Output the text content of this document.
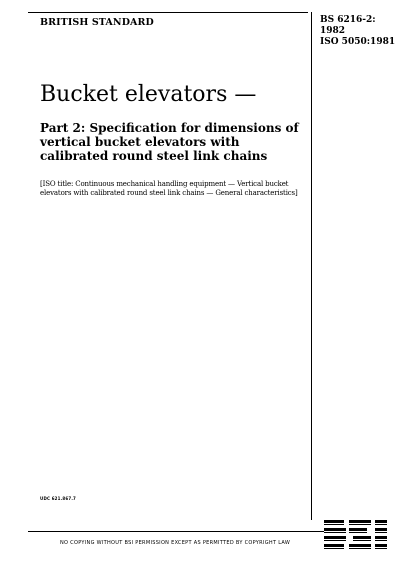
BRITISH STANDARD	BS 6216-2:
1982
ISO 5050:1981
Bucket elevators —
Part 2: Specification for dimensions of vertical bucket elevators with calibrated round steel link chains
[ISO title: Continuous mechanical handling equipment — Vertical bucket elevators with calibrated round steel link chains — General characteristics]
UDC 621.867.7
NO COPYING WITHOUT BSI PERMISSION EXCEPT AS PERMITTED BY COPYRIGHT LAW
